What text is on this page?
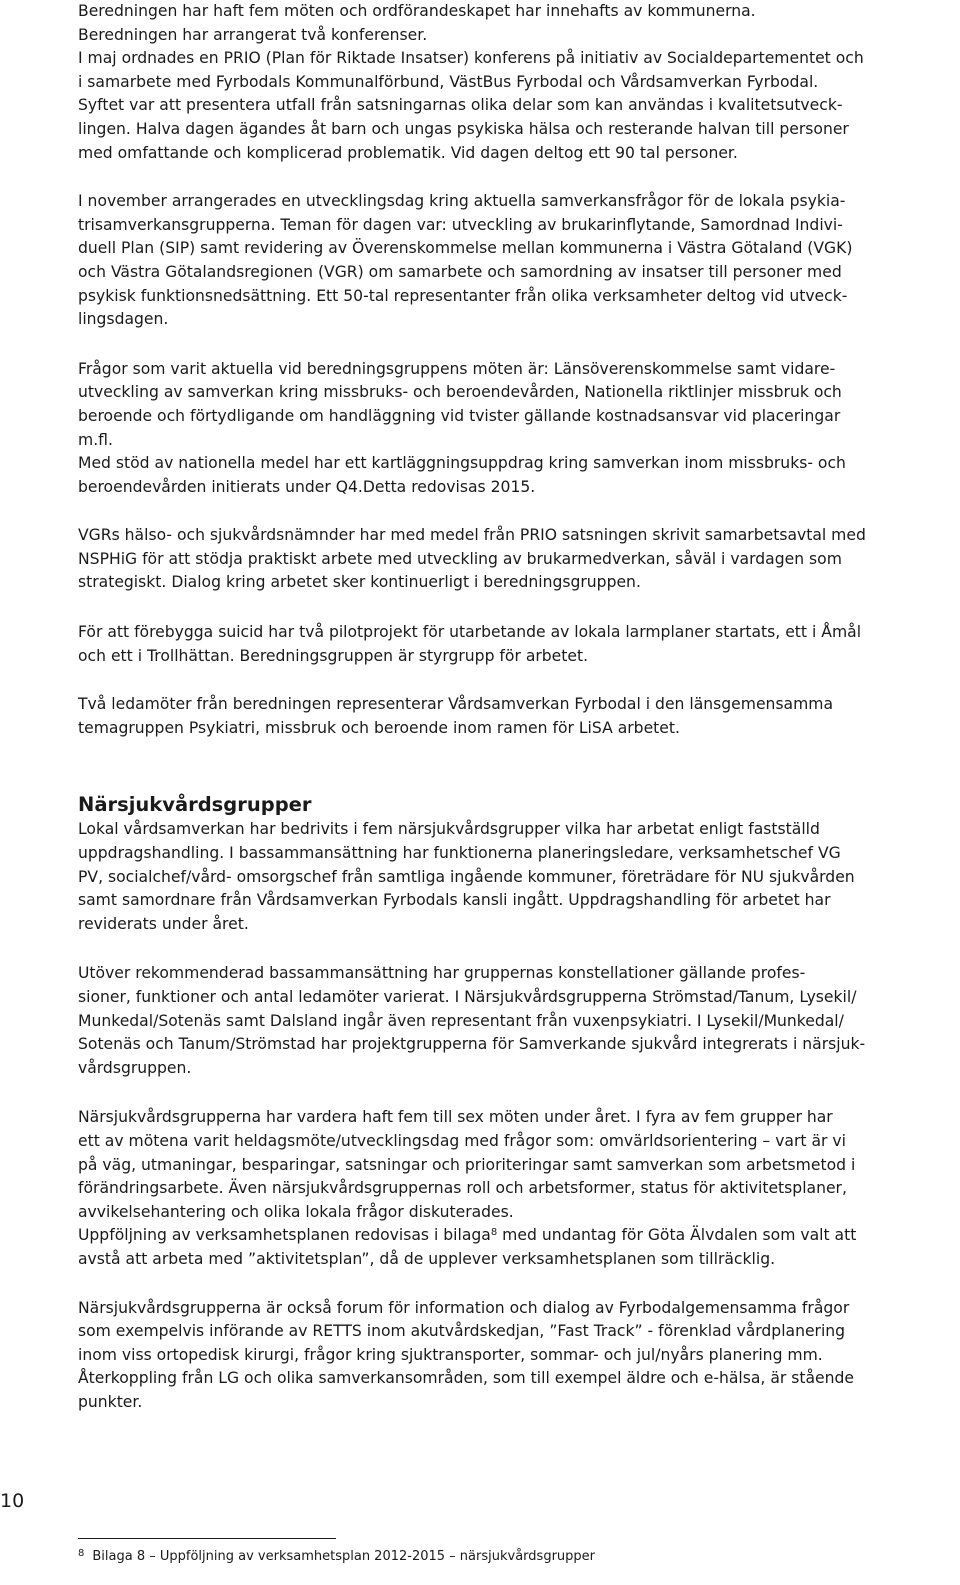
Beredningen har haft fem möten och ordförandeskapet har innehafts av kommunerna.
Beredningen har arrangerat två konferenser.
I maj ordnades en PRIO (Plan för Riktade Insatser) konferens på initiativ av Socialdepartementet och
i samarbete med Fyrbodals Kommunalförbund, VästBus Fyrbodal och Vårdsamverkan Fyrbodal.
Syftet var att presentera utfall från satsningarnas olika delar som kan användas i kvalitetsutveck-
lingen. Halva dagen ägandes åt barn och ungas psykiska hälsa och resterande halvan till personer
med omfattande och komplicerad problematik. Vid dagen deltog ett 90 tal personer.

I november arrangerades en utvecklingsdag kring aktuella samverkansfrågor för de lokala psykia-
trisamverkansgrupperna. Teman för dagen var: utveckling av brukarinflytande, Samordnad Indivi-
duell Plan (SIP) samt revidering av Överenskommelse mellan kommunerna i Västra Götaland (VGK)
och Västra Götalandsregionen (VGR) om samarbete och samordning av insatser till personer med
psykisk funktionsnedsättning. Ett 50-tal representanter från olika verksamheter deltog vid utveck-
lingsdagen.

Frågor som varit aktuella vid beredningsgruppens möten är: Länsöverenskommelse samt vidare-
utveckling av samverkan kring missbruks- och beroendevården, Nationella riktlinjer missbruk och
beroende och förtydligande om handläggning vid tvister gällande kostnadsansvar vid placeringar
m.fl.
Med stöd av nationella medel har ett kartläggningsuppdrag kring samverkan inom missbruks- och
beroendevården initierats under Q4.Detta redovisas 2015.

VGRs hälso- och sjukvårdsnämnder har med medel från PRIO satsningen skrivit samarbetsavtal med
NSPHiG för att stödja praktiskt arbete med utveckling av brukarmedverkan, såväl i vardagen som
strategiskt. Dialog kring arbetet sker kontinuerligt i beredningsgruppen.

För att förebygga suicid har två pilotprojekt för utarbetande av lokala larmplaner startats, ett i Åmål
och ett i Trollhättan. Beredningsgruppen är styrgrupp för arbetet.

Två ledamöter från beredningen representerar Vårdsamverkan Fyrbodal i den länsgemensamma
temagruppen Psykiatri, missbruk och beroende inom ramen för LiSA arbetet.

Närsjukvårdsgrupper

Lokal vårdsamverkan har bedrivits i fem närsjukvårdsgrupper vilka har arbetat enligt fastställd
uppdragshandling. I bassammansättning har funktionerna planeringsledare, verksamhetschef VG
PV, socialchef/vård- omsorgschef från samtliga ingående kommuner, företrädare för NU sjukvården
samt samordnare från Vårdsamverkan Fyrbodals kansli ingått. Uppdragshandling för arbetet har
reviderats under året.

Utöver rekommenderad bassammansättning har gruppernas konstellationer gällande profes-
sioner, funktioner och antal ledamöter varierat. I Närsjukvårdsgrupperna Strömstad/Tanum, Lysekil/
Munkedal/Sotenäs samt Dalsland ingår även representant från vuxenpsykiatri. I Lysekil/Munkedal/
Sotenäs och Tanum/Strömstad har projektgrupperna för Samverkande sjukvård integrerats i närsjuk-
vårdsgruppen.

Närsjukvårdsgrupperna har vardera haft fem till sex möten under året. I fyra av fem grupper har
ett av mötena varit heldagsmöte/utvecklingsdag med frågor som: omvärldsorientering – vart är vi
på väg, utmaningar, besparingar, satsningar och prioriteringar samt samverkan som arbetsmetod i
förändringsarbete. Även närsjukvårdsgruppernas roll och arbetsformer, status för aktivitetsplaner,
avvikelsehantering och olika lokala frågor diskuterades.
Uppföljning av verksamhetsplanen redovisas i bilaga$^8$ med undantag för Göta Älvdalen som valt att
avstå att arbeta med ”aktivitetsplan”, då de upplever verksamhetsplanen som tillräcklig.

Närsjukvårdsgrupperna är också forum för information och dialog av Fyrbodalgemensamma frågor
som exempelvis införande av RETTS inom akutvårdskedjan, ”Fast Track” - förenklad vårdplanering
inom viss ortopedisk kirurgi, frågor kring sjuktransporter, sommar- och jul/nyårs planering mm.
Återkoppling från LG och olika samverkansområden, som till exempel äldre och e-hälsa, är stående
punkter.

10
$^8$ Bilaga 8 – Uppföljning av verksamhetsplan 2012-2015 – närsjukvårdsgrupper
